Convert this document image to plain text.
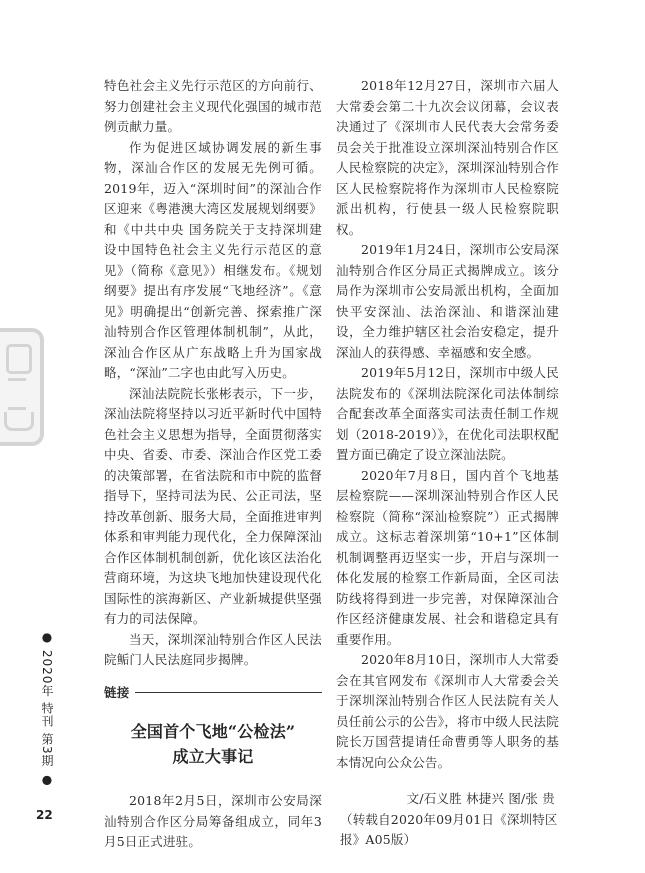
特色社会主义先行示范区的方向前行、努力创建社会主义现代化强国的城市范例贡献力量。

作为促进区域协调发展的新生事物，深汕合作区的发展无先例可循。2019年，迈入“深圳时间”的深汕合作区迎来《粤港澳大湾区发展规划纲要》和《中共中央 国务院关于支持深圳建设中国特色社会主义先行示范区的意见》（简称《意见》）相继发布。《规划纲要》提出有序发展“飞地经济”。《意见》明确提出“创新完善、探索推广深汕特别合作区管理体制机制”，从此，深汕合作区从广东战略上升为国家战略，“深汕”二字也由此写入历史。

深汕法院院长张彬表示，下一步，深汕法院将坚持以习近平新时代中国特色社会主义思想为指导，全面贯彻落实中央、省委、市委、深汕合作区党工委的决策部署，在省法院和市中院的监督指导下，坚持司法为民、公正司法，坚持改革创新、服务大局，全面推进审判体系和审判能力现代化，全力保障深汕合作区体制机制创新，优化该区法治化营商环境，为这块飞地加快建设现代化国际性的滨海新区、产业新城提供坚强有力的司法保障。

当天，深圳深汕特别合作区人民法院鲘门人民法庭同步揭牌。

链接
全国首个飞地“公检法”
成立大事记

2018年2月5日，深圳市公安局深汕特别合作区分局筹备组成立，同年3月5日正式进驻。

2018年12月27日，深圳市六届人大常委会第二十九次会议闭幕，会议表决通过了《深圳市人民代表大会常务委员会关于批准设立深圳深汕特别合作区人民检察院的决定》，深圳深汕特别合作区人民检察院将作为深圳市人民检察院派出机构，行使县一级人民检察院职权。

2019年1月24日，深圳市公安局深汕特别合作区分局正式揭牌成立。该分局作为深圳市公安局派出机构，全面加快平安深汕、法治深汕、和谐深汕建设，全力维护辖区社会治安稳定，提升深汕人的获得感、幸福感和安全感。

2019年5月12日，深圳市中级人民法院发布的《深圳法院深化司法体制综合配套改革全面落实司法责任制工作规划（2018-2019）》，在优化司法职权配置方面已确定了设立深汕法院。

2020年7月8日，国内首个飞地基层检察院——深圳深汕特别合作区人民检察院（简称“深汕检察院”）正式揭牌成立。这标志着深圳第“10+1”区体制机制调整再迈坚实一步，开启与深圳一体化发展的检察工作新局面，全区司法防线将得到进一步完善，对保障深汕合作区经济健康发展、社会和谐稳定具有重要作用。

2020年8月10日，深圳市人大常委会在其官网发布《深圳市人大常委会关于深圳深汕特别合作区人民法院有关人员任前公示的公告》，将市中级人民法院院长万国营提请任命曹勇等人职务的基本情况向公众公告。

文/石义胜 林捷兴 图/张 贵
（转载自2020年09月01日《深圳特区报》A05版）
● 2020年 特刊 第3期 ●
22
